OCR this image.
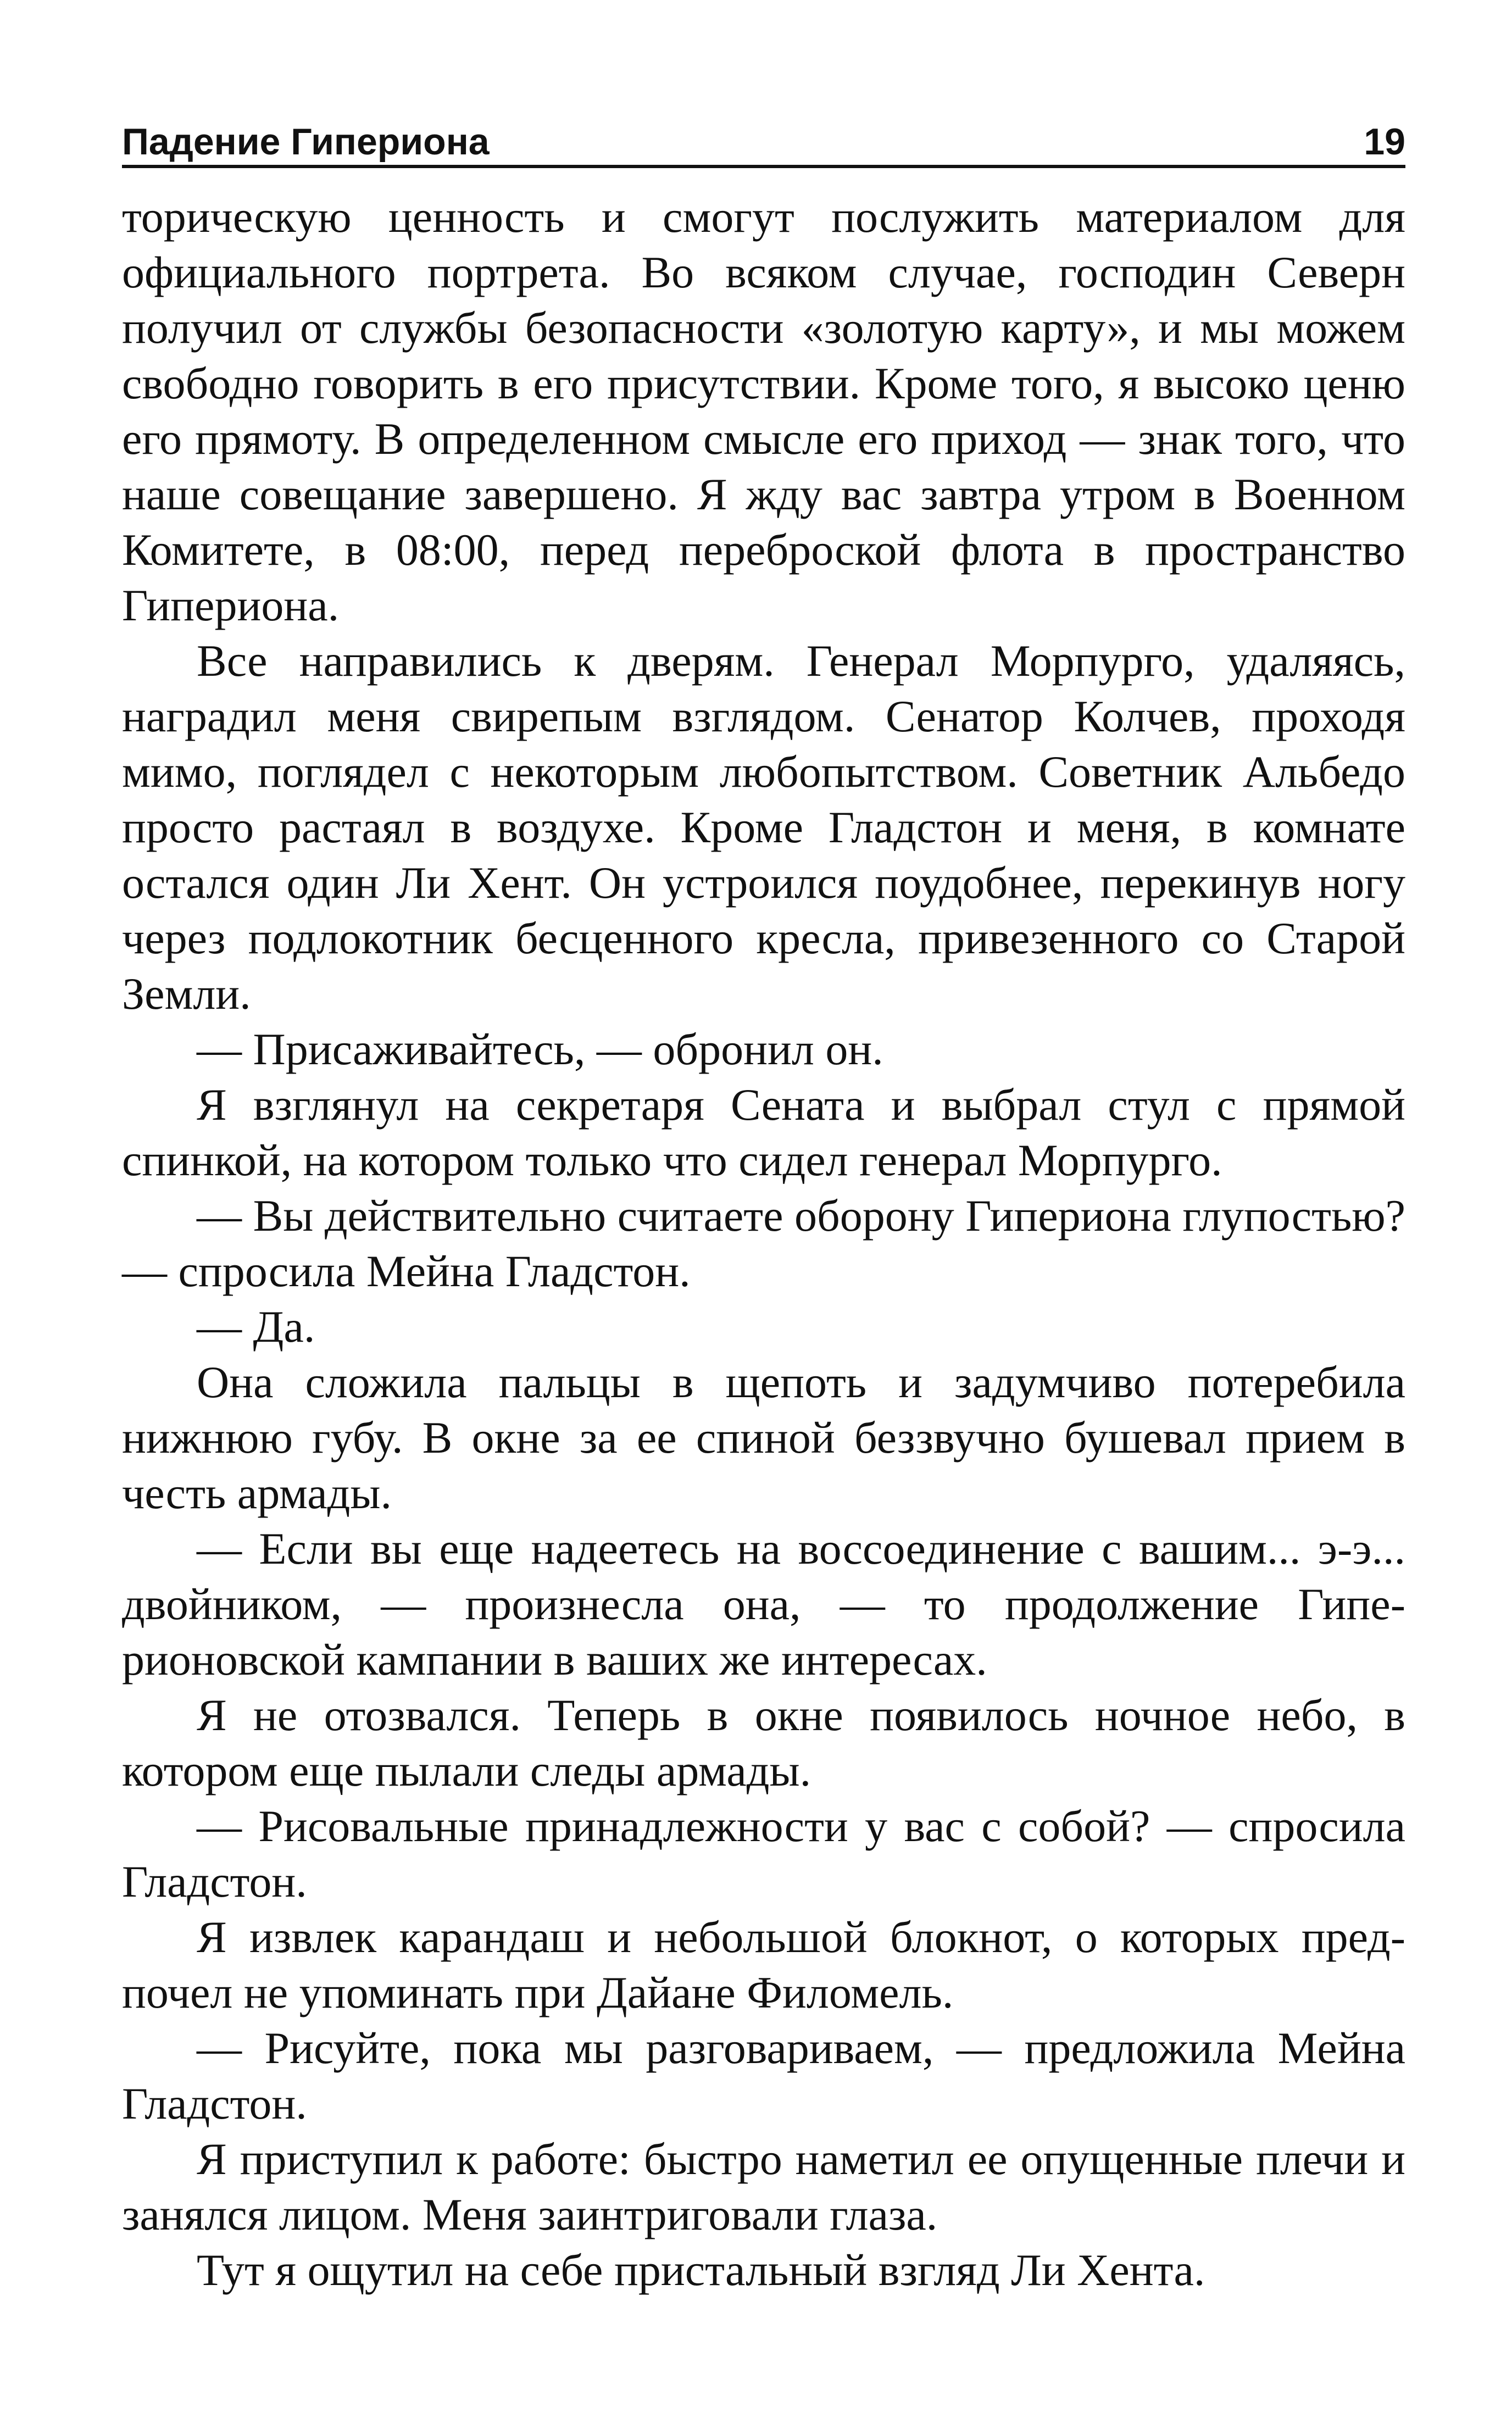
Падение Гипериона	19

торическую ценность и смогут послужить материалом для официального портрета. Во всяком случае, господин Северн получил от службы безопасности «золотую карту», и мы можем свободно говорить в его присутствии. Кроме того, я высоко ценю его прямоту. В определенном смысле его приход — знак того, что наше совещание завершено. Я жду вас завтра утром в Военном Комитете, в 08:00, перед переброской флота в пространство Гипериона.

Все направились к дверям. Генерал Морпурго, удаляясь, наградил меня свирепым взглядом. Сенатор Колчев, проходя мимо, поглядел с некоторым любопытством. Советник Альбедо просто растаял в воздухе. Кроме Гладстон и меня, в комнате остался один Ли Хент. Он устроился поудобнее, перекинув ногу через подлокотник бесценного кресла, привезенного со Старой Земли.

— Присаживайтесь, — обронил он.

Я взглянул на секретаря Сената и выбрал стул с прямой спинкой, на котором только что сидел генерал Морпурго.

— Вы действительно считаете оборону Гипериона глупостью? — спросила Мейна Гладстон.

— Да.

Она сложила пальцы в щепоть и задумчиво потеребила нижнюю губу. В окне за ее спиной беззвучно бушевал прием в честь армады.

— Если вы еще надеетесь на воссоединение с вашим... э-э... двойником, — произнесла она, — то продолжение Гиперионовской кампании в ваших же интересах.

Я не отозвался. Теперь в окне появилось ночное небо, в котором еще пылали следы армады.

— Рисовальные принадлежности у вас с собой? — спросила Гладстон.

Я извлек карандаш и небольшой блокнот, о которых предпочел не упоминать при Дайане Филомель.

— Рисуйте, пока мы разговариваем, — предложила Мейна Гладстон.

Я приступил к работе: быстро наметил ее опущенные плечи и занялся лицом. Меня заинтриговали глаза.

Тут я ощутил на себе пристальный взгляд Ли Хента.
